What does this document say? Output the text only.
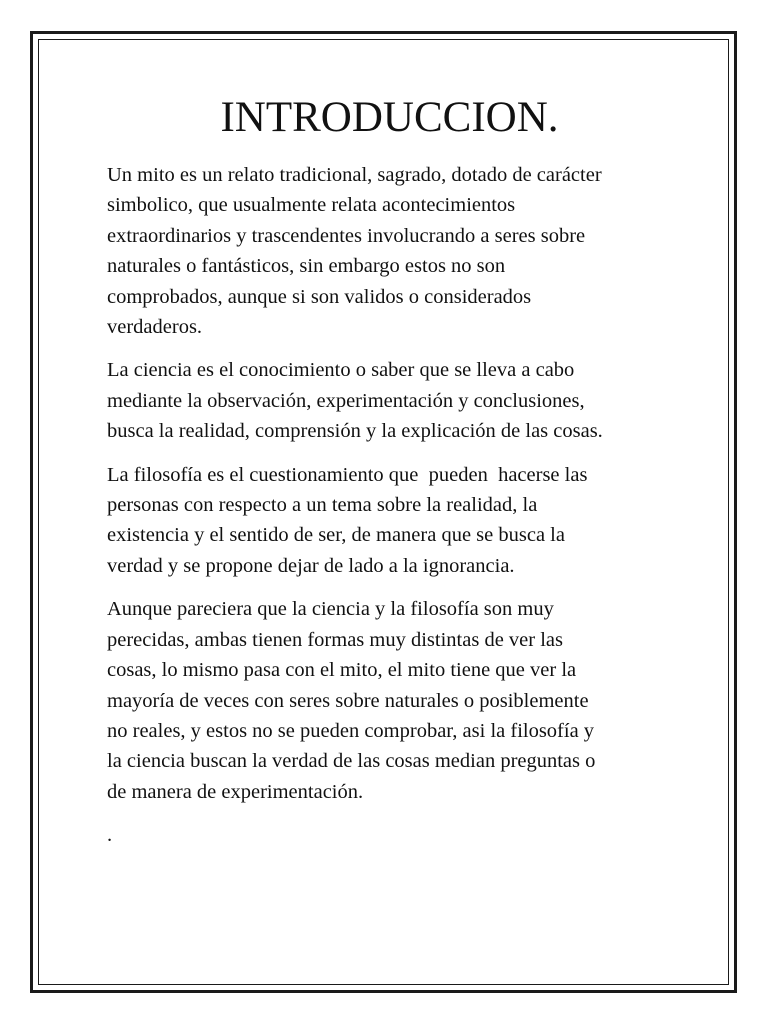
INTRODUCCION.

Un mito es un relato tradicional, sagrado, dotado de carácter
simbolico, que usualmente relata acontecimientos
extraordinarios y trascendentes involucrando a seres sobre
naturales o fantásticos, sin embargo estos no son
comprobados, aunque si son validos o considerados
verdaderos.

La ciencia es el conocimiento o saber que se lleva a cabo
mediante la observación, experimentación y conclusiones,
busca la realidad, comprensión y la explicación de las cosas.

La filosofía es el cuestionamiento que  pueden  hacerse las
personas con respecto a un tema sobre la realidad, la
existencia y el sentido de ser, de manera que se busca la
verdad y se propone dejar de lado a la ignorancia.

Aunque pareciera que la ciencia y la filosofía son muy
perecidas, ambas tienen formas muy distintas de ver las
cosas, lo mismo pasa con el mito, el mito tiene que ver la
mayoría de veces con seres sobre naturales o posiblemente
no reales, y estos no se pueden comprobar, asi la filosofía y
la ciencia buscan la verdad de las cosas median preguntas o
de manera de experimentación.

.
